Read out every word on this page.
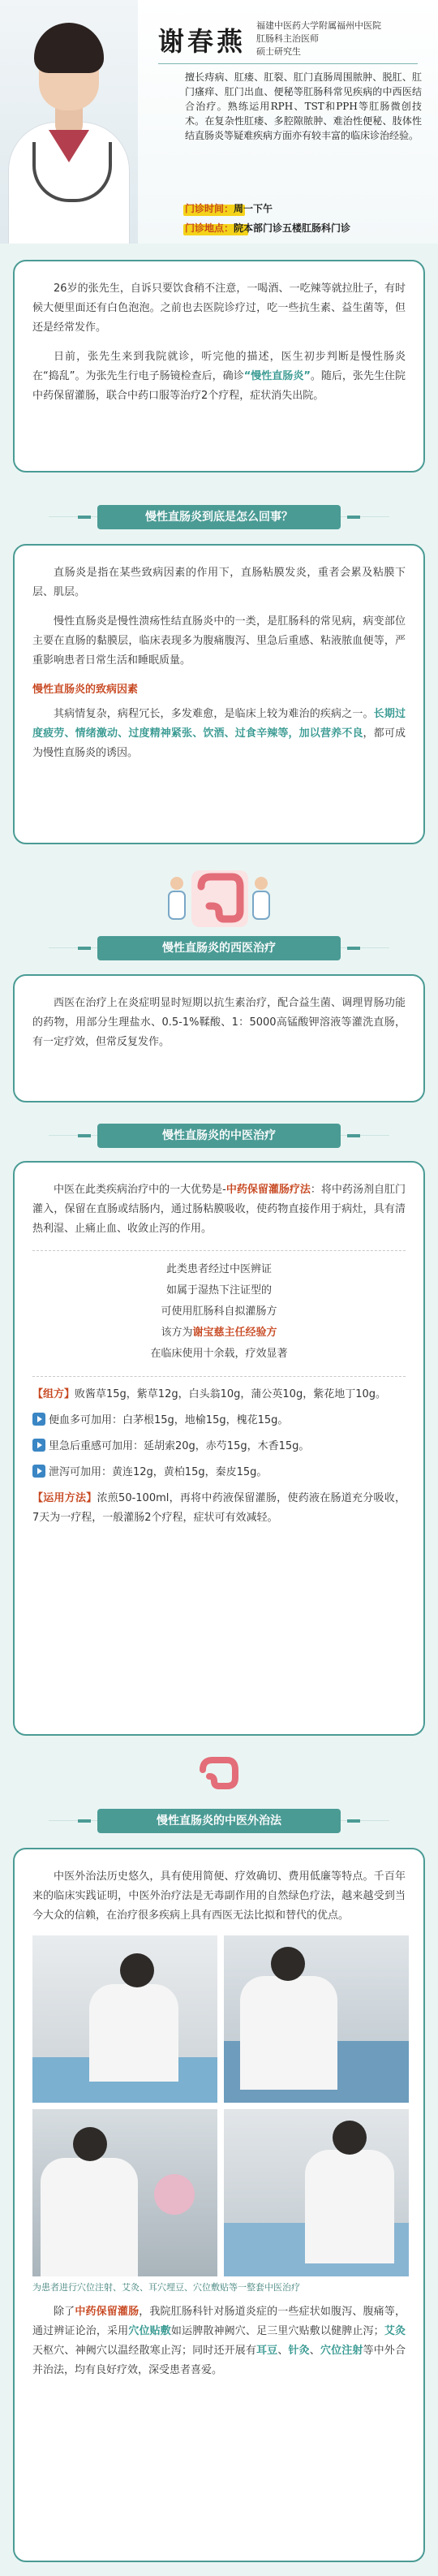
谢春燕
福建中医药大学附属福州中医院
肛肠科主治医师
硕士研究生
擅长痔病、肛瘘、肛裂、肛门直肠周围脓肿、脱肛、肛门瘙痒、肛门出血、便秘等肛肠科常见疾病的中西医结合治疗。熟练运用RPH、TST和PPH等肛肠微创技术。在复杂性肛瘘、多腔隙脓肿、难治性便秘、肢体性结直肠炎等疑难疾病方面亦有较丰富的临床诊治经验。
门诊时间：周一下午
门诊地点：院本部门诊五楼肛肠科门诊

26岁的张先生，自诉只要饮食稍不注意，一喝酒、一吃辣等就拉肚子，有时候大便里面还有白色泡泡。之前也去医院诊疗过，吃一些抗生素、益生菌等，但还是经常发作。

日前，张先生来到我院就诊，听完他的描述，医生初步判断是慢性肠炎在“捣乱”。为张先生行电子肠镜检查后，确诊“慢性直肠炎”。随后，张先生住院中药保留灌肠，联合中药口服等治疗2个疗程，症状消失出院。

慢性直肠炎到底是怎么回事？

直肠炎是指在某些致病因素的作用下，直肠粘膜发炎，重者会累及粘膜下层、肌层。

慢性直肠炎是慢性溃疡性结直肠炎中的一类，是肛肠科的常见病，病变部位主要在直肠的黏膜层，临床表现多为腹痛腹泻、里急后重感、粘液脓血便等，严重影响患者日常生活和睡眠质量。

慢性直肠炎的致病因素

其病情复杂，病程冗长，多发难愈，是临床上较为难治的疾病之一。长期过度疲劳、情绪激动、过度精神紧张、饮酒、过食辛辣等，加以营养不良，都可成为慢性直肠炎的诱因。

慢性直肠炎的西医治疗

西医在治疗上在炎症明显时短期以抗生素治疗，配合益生菌、调理胃肠功能的药物，用部分生理盐水、0.5-1%鞣酸、1：5000高锰酸钾溶液等灌洗直肠，有一定疗效，但常反复发作。

慢性直肠炎的中医治疗

中医在此类疾病治疗中的一大优势是-中药保留灌肠疗法：将中药汤剂自肛门灌入，保留在直肠或结肠内，通过肠粘膜吸收，使药物直接作用于病灶，具有清热利湿、止痛止血、收敛止泻的作用。

此类患者经过中医辨证

如属于湿热下注证型的

可使用肛肠科自拟灌肠方

该方为谢宝慈主任经验方

在临床使用十余载，疗效显著

【组方】败酱草15g，紫草12g，白头翁10g，蒲公英10g，紫花地丁10g。

便血多可加用：白茅根15g，地榆15g，槐花15g。

里急后重感可加用：延胡索20g，赤芍15g，木香15g。

泄泻可加用：黄连12g，黄柏15g，秦皮15g。

【运用方法】浓煎50-100ml，再将中药液保留灌肠，使药液在肠道充分吸收，7天为一疗程，一般灌肠2个疗程，症状可有效减轻。

慢性直肠炎的中医外治法

中医外治法历史悠久，具有使用简便、疗效确切、费用低廉等特点。千百年来的临床实践证明，中医外治疗法是无毒副作用的自然绿色疗法，越来越受到当今大众的信赖，在治疗很多疾病上具有西医无法比拟和替代的优点。

为患者进行穴位注射、艾灸、耳穴埋豆、穴位敷贴等一整套中医治疗

除了中药保留灌肠，我院肛肠科针对肠道炎症的一些症状如腹泻、腹痛等，通过辨证论治，采用穴位贴敷如运脾散神阙穴、足三里穴贴敷以健脾止泻；艾灸天枢穴、神阙穴以温经散寒止泻；同时还开展有耳豆、针灸、穴位注射等中外合并治法，均有良好疗效，深受患者喜爱。
